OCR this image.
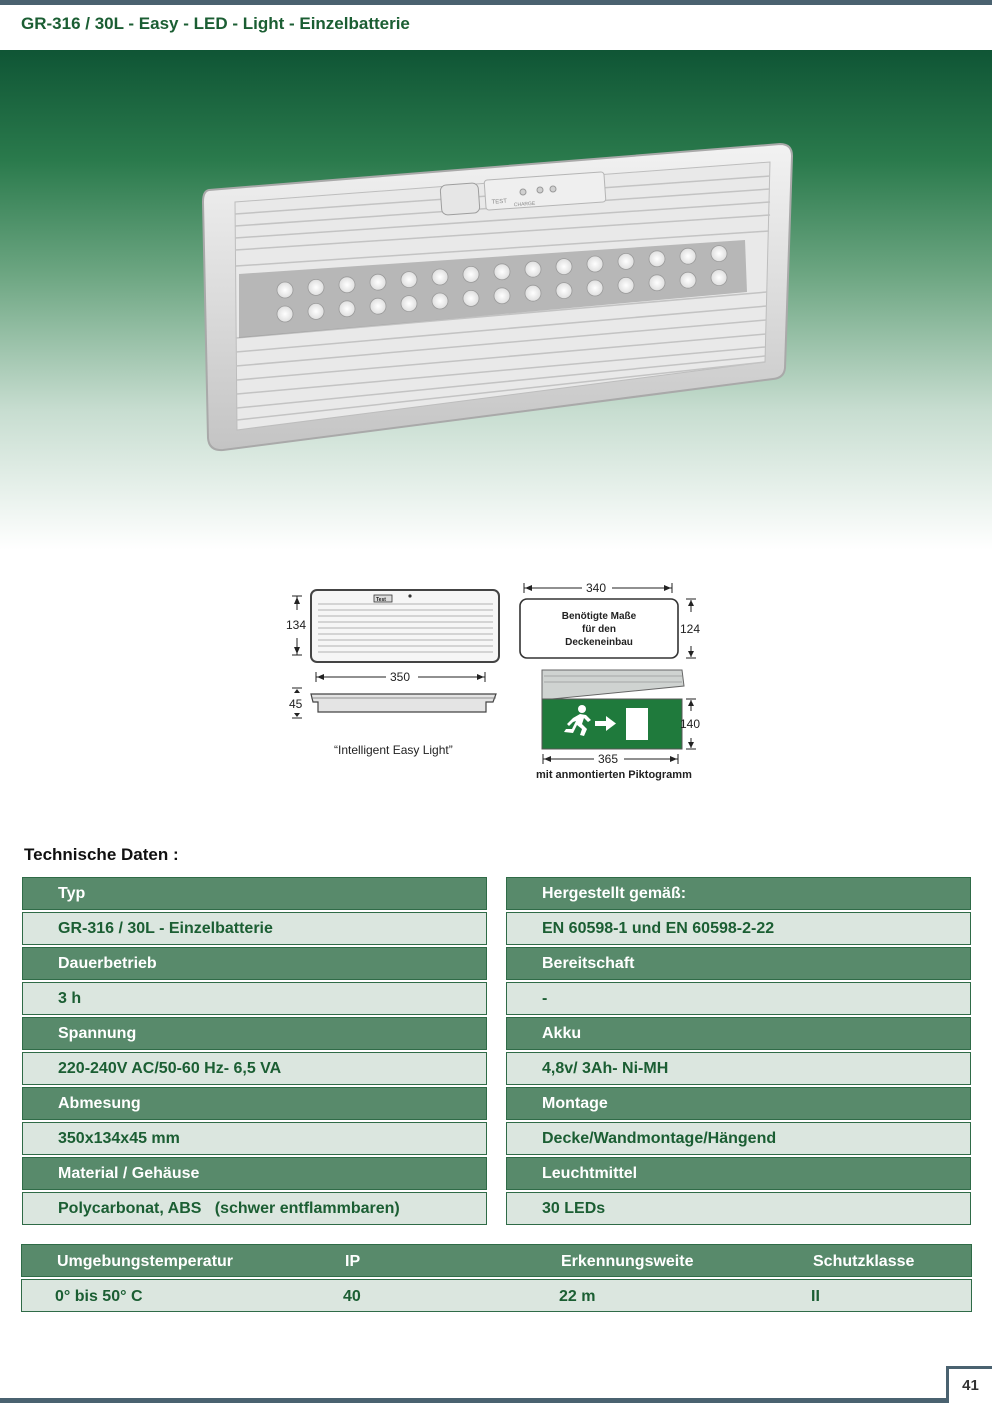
GR-316 / 30L - Easy - LED - Light - Einzelbatterie
TEST CHARGE
Test
134
350
45
340
Benötigte Maße
für den
Deckeneinbau
124
140
365
“Intelligent Easy Light”
mit anmontierten Piktogramm
Technische Daten :
Typ
GR-316 / 30L - Einzelbatterie
Dauerbetrieb
3 h
Spannung
220-240V AC/50-60 Hz- 6,5 VA
Abmesung
350x134x45 mm
Material / Gehäuse
Polycarbonat, ABS   (schwer entflammbaren)
Hergestellt gemäß:
EN 60598-1 und EN 60598-2-22
Bereitschaft
-
Akku
4,8v/ 3Ah- Ni-MH
Montage
Decke/Wandmontage/Hängend
Leuchtmittel
30 LEDs
Umgebungstemperatur	IP	Erkennungsweite	Schutzklasse
0° bis 50° C	40	22 m	II
41
